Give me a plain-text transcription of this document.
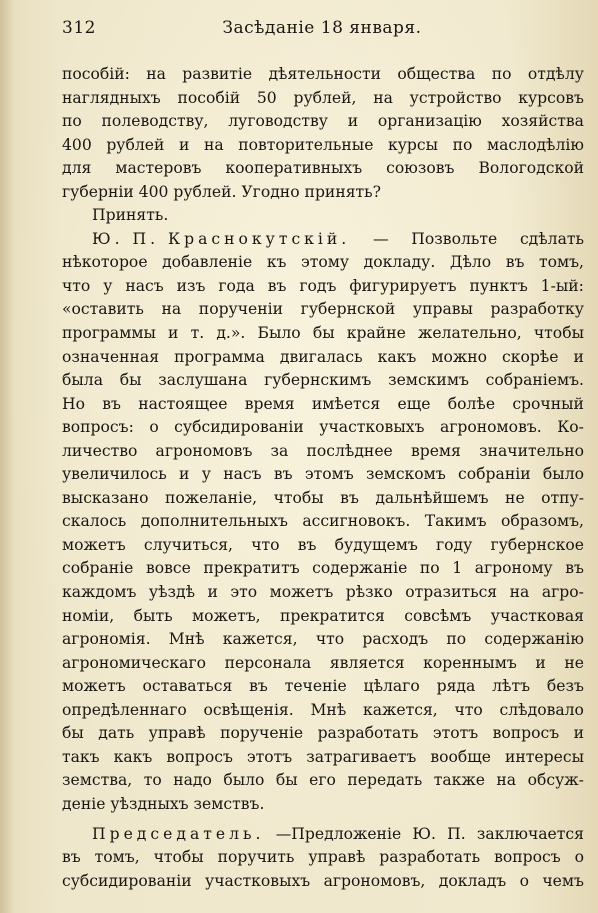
312	Засѣданіе 18 января.
пособій: на развитіе дѣятельности общества по отдѣлу
наглядныхъ пособій 50 рублей, на устройство курсовъ
по полеводству, луговодству и организацію хозяйства
400 рублей и на повторительные курсы по маслодѣлію
для мастеровъ кооперативныхъ союзовъ Вологодской
губерніи 400 рублей. Угодно принять?
Принять.
Ю. П. Краснокутскій. — Позвольте сдѣлать
нѣкоторое добавленіе къ этому докладу. Дѣло въ томъ,
что у насъ изъ года въ годъ фигурируетъ пунктъ 1-ый:
«оставить на порученіи губернской управы разработку
программы и т. д.». Было бы крайне желательно, чтобы
означенная программа двигалась какъ можно скорѣе и
была бы заслушана губернскимъ земскимъ собраніемъ.
Но въ настоящее время имѣется еще болѣе срочный
вопросъ: о субсидированіи участковыхъ агрономовъ. Ко-
личество агрономовъ за послѣднее время значительно
увеличилось и у насъ въ этомъ земскомъ собраніи было
высказано пожеланіе, чтобы въ дальнѣйшемъ не отпу-
скалось дополнительныхъ ассигновокъ. Такимъ образомъ,
можетъ случиться, что въ будущемъ году губернское
собраніе вовсе прекратитъ содержаніе по 1 агроному въ
каждомъ уѣздѣ и это можетъ рѣзко отразиться на агро-
номіи, быть можетъ, прекратится совсѣмъ участковая
агрономія. Мнѣ кажется, что расходъ по содержанію
агрономическаго персонала является кореннымъ и не
можетъ оставаться въ теченіе цѣлаго ряда лѣтъ безъ
опредѣленнаго освѣщенія. Мнѣ кажется, что слѣдовало
бы дать управѣ порученіе разработать этотъ вопросъ и
такъ какъ вопросъ этотъ затрагиваетъ вообще интересы
земства, то надо было бы его передать также на обсуж-
деніе уѣздныхъ земствъ.
Председатель. —Предложеніе Ю. П. заключается
въ томъ, чтобы поручить управѣ разработать вопросъ о
субсидированіи участковыхъ агрономовъ, докладъ о чемъ
